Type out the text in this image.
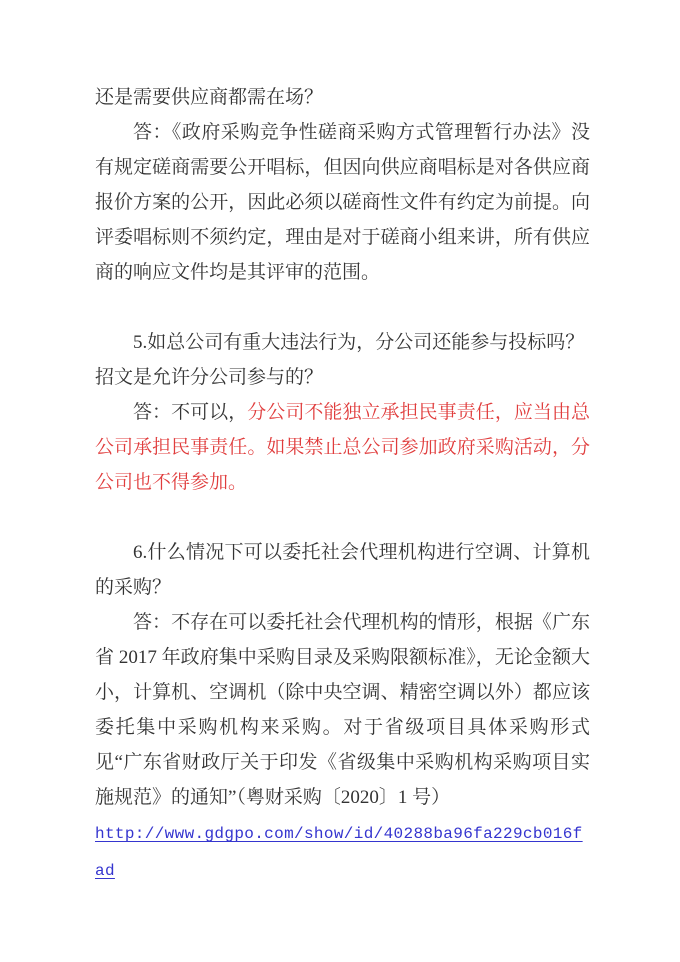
还是需要供应商都需在场？

答：《政府采购竞争性磋商采购方式管理暂行办法》没有规定磋商需要公开唱标，但因向供应商唱标是对各供应商报价方案的公开，因此必须以磋商性文件有约定为前提。向评委唱标则不须约定，理由是对于磋商小组来讲，所有供应商的响应文件均是其评审的范围。

5.如总公司有重大违法行为，分公司还能参与投标吗？
招文是允许分公司参与的？

答：不可以，分公司不能独立承担民事责任，应当由总公司承担民事责任。如果禁止总公司参加政府采购活动，分公司也不得参加。

6.什么情况下可以委托社会代理机构进行空调、计算机的采购？

答：不存在可以委托社会代理机构的情形，根据《广东省 2017 年政府集中采购目录及采购限额标准》，无论金额大小，计算机、空调机（除中央空调、精密空调以外）都应该委托集中采购机构来采购。对于省级项目具体采购形式见“广东省财政厅关于印发《省级集中采购机构采购项目实施规范》的通知”（粤财采购〔2020〕1 号）

http://www.gdgpo.com/show/id/40288ba96fa229cb016fad
